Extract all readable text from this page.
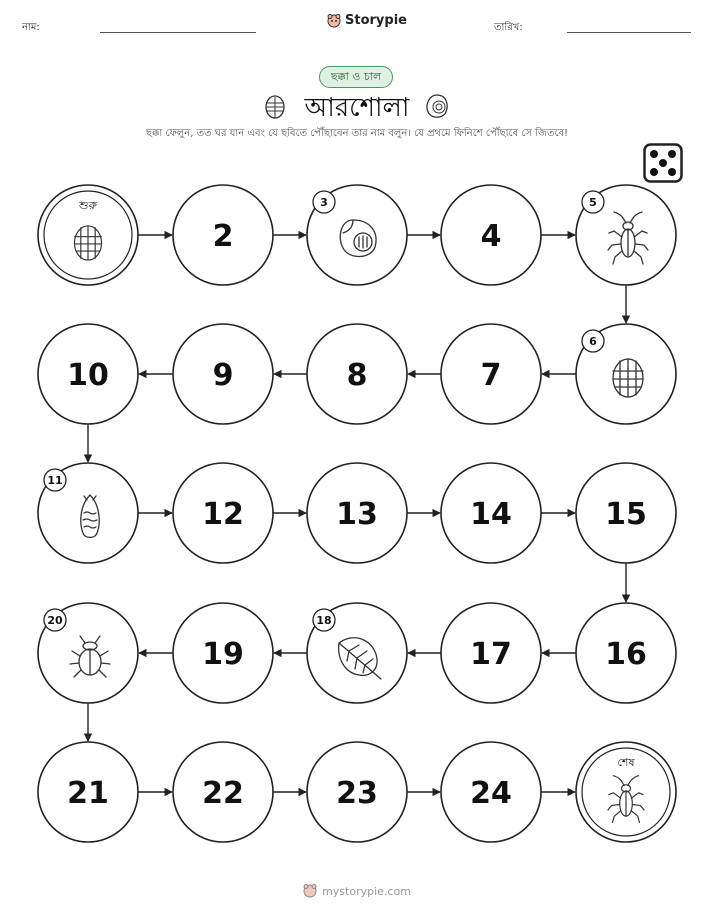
নাম:	Storypie	তারিখ:
ছক্কা ও চাল
আরশোলা
ছক্কা ফেলুন, তত ঘর যান এবং যে ছবিতে পৌঁছাবেন তার নাম বলুন। যে প্রথমে ফিনিশে পৌঁছাবে সে জিতবে!
শুরু
2
3
4
5
6
7
8
9
10
11
12	13	14	15
16
17
18
19
20
21	22	23	24
শেষ
mystorypie.com
